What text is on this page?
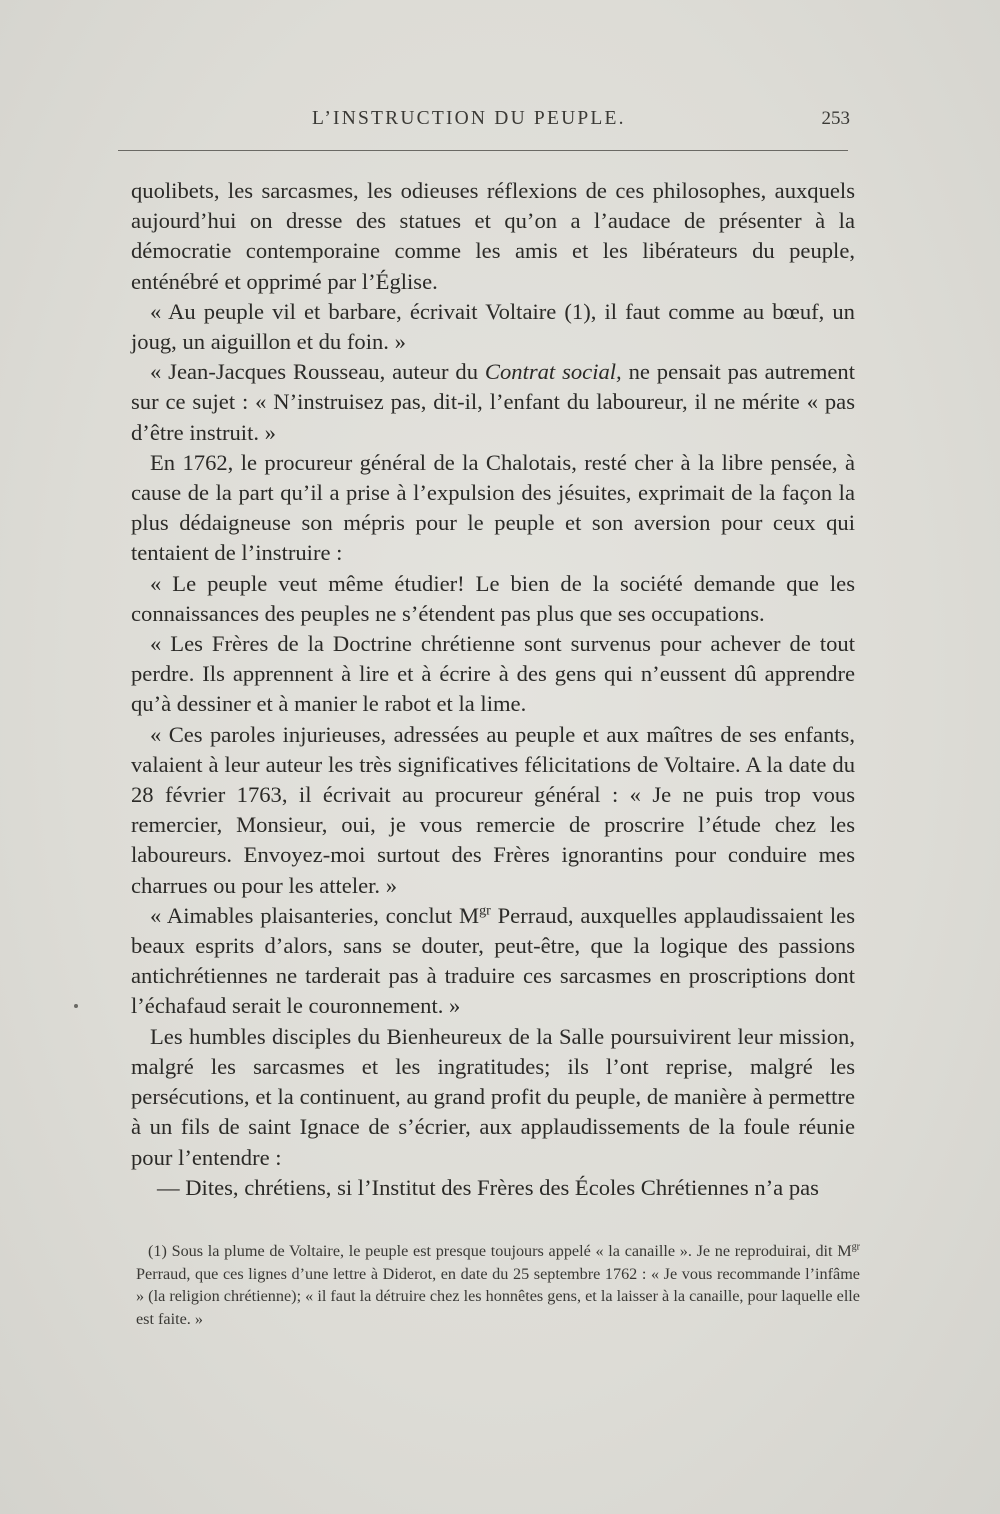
L’INSTRUCTION DU PEUPLE.	253

quolibets, les sarcasmes, les odieuses réflexions de ces philosophes, auxquels aujourd’hui on dresse des statues et qu’on a l’audace de présenter à la démocratie contemporaine comme les amis et les libérateurs du peuple, enténébré et opprimé par l’Église.

« Au peuple vil et barbare, écrivait Voltaire (1), il faut comme au bœuf, un joug, un aiguillon et du foin. »

« Jean-Jacques Rousseau, auteur du Contrat social, ne pensait pas autrement sur ce sujet : « N’instruisez pas, dit-il, l’enfant du laboureur, il ne mérite « pas d’être instruit. »

En 1762, le procureur général de la Chalotais, resté cher à la libre pensée, à cause de la part qu’il a prise à l’expulsion des jésuites, exprimait de la façon la plus dédaigneuse son mépris pour le peuple et son aversion pour ceux qui tentaient de l’instruire :

« Le peuple veut même étudier! Le bien de la société demande que les connaissances des peuples ne s’étendent pas plus que ses occupations.

« Les Frères de la Doctrine chrétienne sont survenus pour achever de tout perdre. Ils apprennent à lire et à écrire à des gens qui n’eussent dû apprendre qu’à dessiner et à manier le rabot et la lime.

« Ces paroles injurieuses, adressées au peuple et aux maîtres de ses enfants, valaient à leur auteur les très significatives félicitations de Voltaire. A la date du 28 février 1763, il écrivait au procureur général : « Je ne puis trop vous remercier, Monsieur, oui, je vous remercie de proscrire l’étude chez les laboureurs. Envoyez-moi surtout des Frères ignorantins pour conduire mes charrues ou pour les atteler. »

« Aimables plaisanteries, conclut $M^{gr}$ Perraud, auxquelles applaudissaient les beaux esprits d’alors, sans se douter, peut-être, que la logique des passions antichrétiennes ne tarderait pas à traduire ces sarcasmes en proscriptions dont l’échafaud serait le couronnement. »

Les humbles disciples du Bienheureux de la Salle poursuivirent leur mission, malgré les sarcasmes et les ingratitudes; ils l’ont reprise, malgré les persécutions, et la continuent, au grand profit du peuple, de manière à permettre à un fils de saint Ignace de s’écrier, aux applaudissements de la foule réunie pour l’entendre :

— Dites, chrétiens, si l’Institut des Frères des Écoles Chrétiennes n’a pas

(1) Sous la plume de Voltaire, le peuple est presque toujours appelé « la canaille ». Je ne reproduirai, dit $M^{gr}$ Perraud, que ces lignes d’une lettre à Diderot, en date du 25 septembre 1762 : « Je vous recommande l’infâme » (la religion chrétienne); « il faut la détruire chez les honnêtes gens, et la laisser à la canaille, pour laquelle elle est faite. »
